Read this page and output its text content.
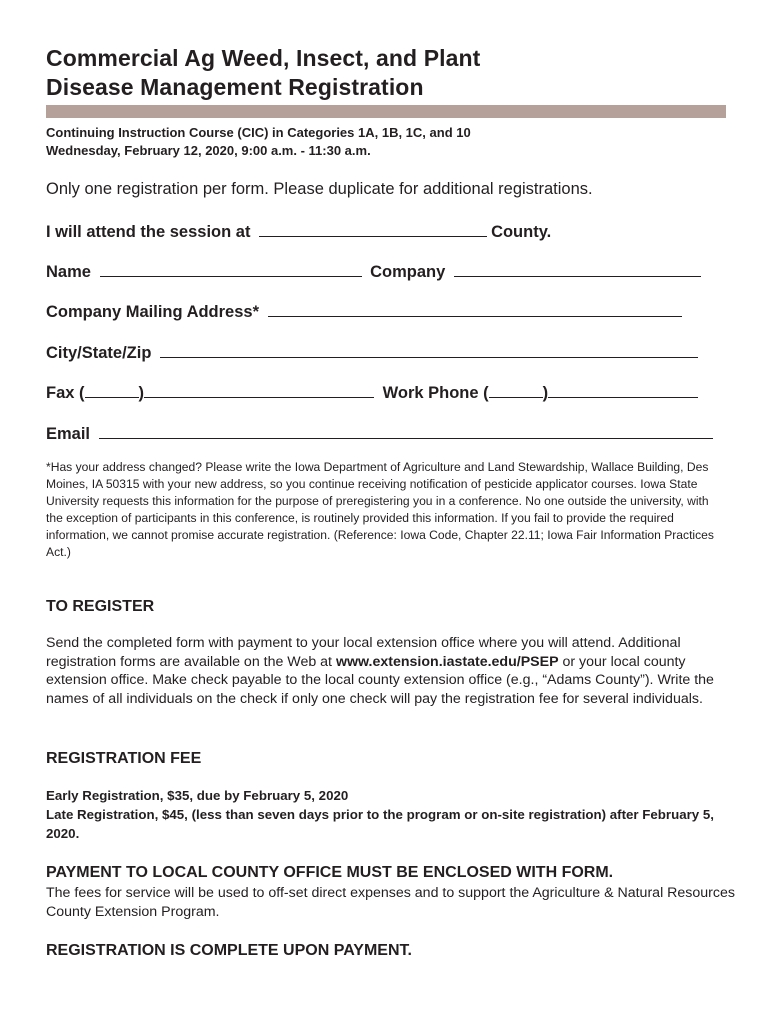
Commercial Ag Weed, Insect, and Plant
Disease Management Registration
Continuing Instruction Course (CIC) in Categories 1A, 1B, 1C, and 10
Wednesday, February 12, 2020, 9:00 a.m. - 11:30 a.m.
Only one registration per form. Please duplicate for additional registrations.
I will attend the session at	County.
Name	Company
Company Mailing Address*
City/State/Zip
Fax (	)	Work Phone (	)
Email
*Has your address changed? Please write the Iowa Department of Agriculture and Land Stewardship, Wallace Building, Des Moines, IA 50315 with your new address, so you continue receiving notification of pesticide applicator courses. Iowa State University requests this information for the purpose of preregistering you in a conference. No one outside the university, with the exception of participants in this conference, is routinely provided this information. If you fail to provide the required information, we cannot promise accurate registration. (Reference: Iowa Code, Chapter 22.11; Iowa Fair Information Practices Act.)
TO REGISTER
Send the completed form with payment to your local extension office where you will attend. Additional registration forms are available on the Web at www.extension.iastate.edu/PSEP or your local county extension office. Make check payable to the local county extension office (e.g., “Adams County”). Write the names of all individuals on the check if only one check will pay the registration fee for several individuals.
REGISTRATION FEE
Early Registration, $35, due by February 5, 2020
Late Registration, $45, (less than seven days prior to the program or on-site registration) after February 5, 2020.
PAYMENT TO LOCAL COUNTY OFFICE MUST BE ENCLOSED WITH FORM.
The fees for service will be used to off-set direct expenses and to support the Agriculture & Natural Resources County Extension Program.
REGISTRATION IS COMPLETE UPON PAYMENT.
